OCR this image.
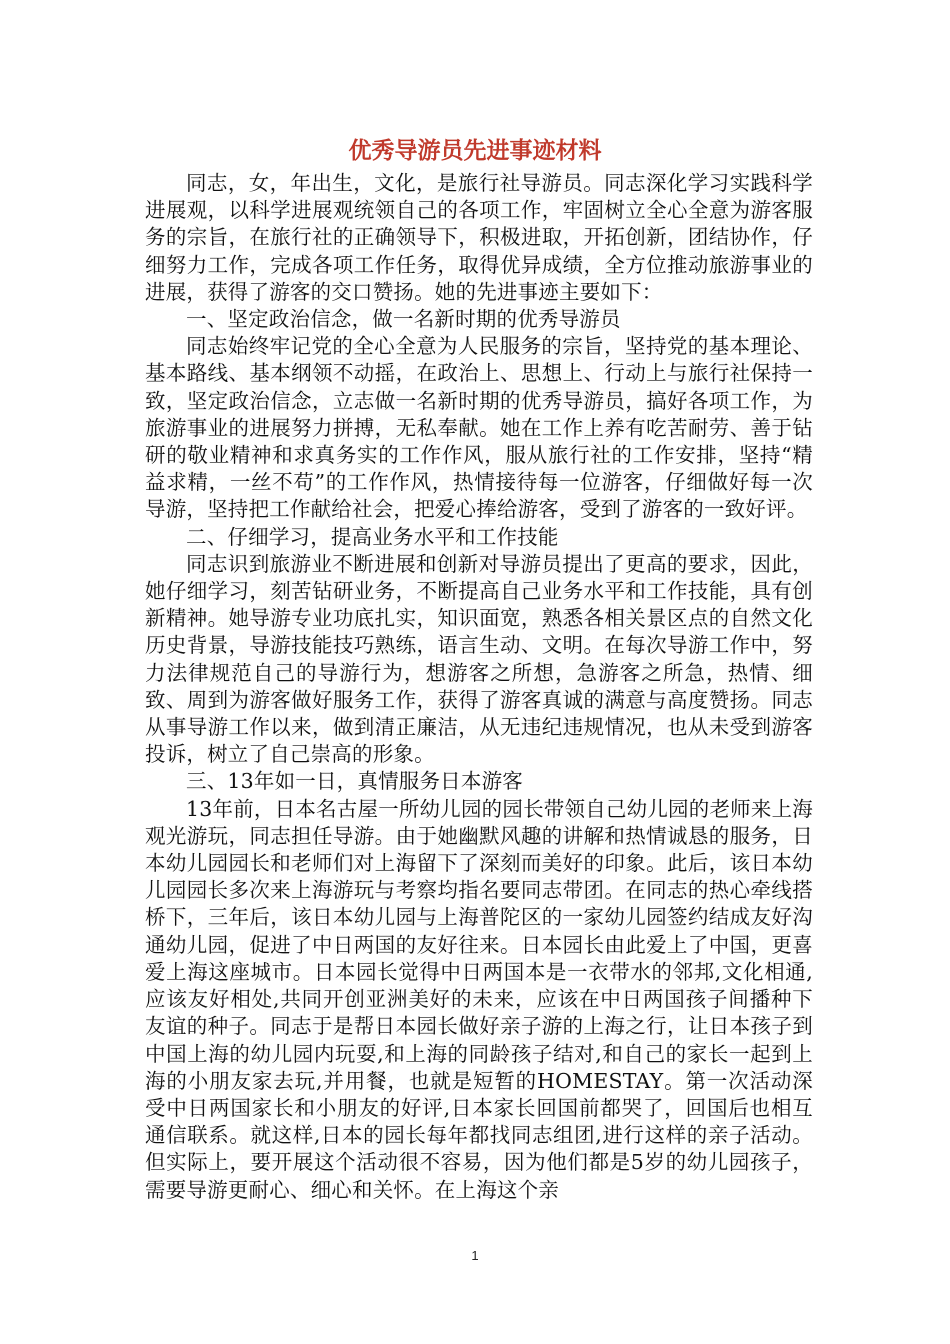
优秀导游员先进事迹材料

同志，女，年出生，文化，是旅行社导游员。同志深化学习实践科学进展观，以科学进展观统领自己的各项工作，牢固树立全心全意为游客服务的宗旨，在旅行社的正确领导下，积极进取，开拓创新，团结协作，仔细努力工作，完成各项工作任务，取得优异成绩，全方位推动旅游事业的进展，获得了游客的交口赞扬。她的先进事迹主要如下：

一、坚定政治信念，做一名新时期的优秀导游员

同志始终牢记党的全心全意为人民服务的宗旨，坚持党的基本理论、基本路线、基本纲领不动摇，在政治上、思想上、行动上与旅行社保持一致，坚定政治信念，立志做一名新时期的优秀导游员，搞好各项工作，为旅游事业的进展努力拼搏，无私奉献。她在工作上养有吃苦耐劳、善于钻研的敬业精神和求真务实的工作作风，服从旅行社的工作安排，坚持“精益求精，一丝不苟”的工作作风，热情接待每一位游客，仔细做好每一次导游，坚持把工作献给社会，把爱心捧给游客，受到了游客的一致好评。

二、仔细学习，提高业务水平和工作技能

同志识到旅游业不断进展和创新对导游员提出了更高的要求，因此，她仔细学习，刻苦钻研业务，不断提高自己业务水平和工作技能，具有创新精神。她导游专业功底扎实，知识面宽，熟悉各相关景区点的自然文化历史背景，导游技能技巧熟练，语言生动、文明。在每次导游工作中，努力法律规范自己的导游行为，想游客之所想，急游客之所急，热情、细致、周到为游客做好服务工作，获得了游客真诚的满意与高度赞扬。同志从事导游工作以来，做到清正廉洁，从无违纪违规情况，也从未受到游客投诉，树立了自己崇高的形象。

三、13年如一日，真情服务日本游客

13年前，日本名古屋一所幼儿园的园长带领自己幼儿园的老师来上海观光游玩，同志担任导游。由于她幽默风趣的讲解和热情诚恳的服务，日本幼儿园园长和老师们对上海留下了深刻而美好的印象。此后，该日本幼儿园园长多次来上海游玩与考察均指名要同志带团。在同志的热心牵线搭桥下，三年后，该日本幼儿园与上海普陀区的一家幼儿园签约结成友好沟通幼儿园，促进了中日两国的友好往来。日本园长由此爱上了中国，更喜爱上海这座城市。日本园长觉得中日两国本是一衣带水的邻邦,文化相通,应该友好相处,共同开创亚洲美好的未来，应该在中日两国孩子间播种下友谊的种子。同志于是帮日本园长做好亲子游的上海之行，让日本孩子到中国上海的幼儿园内玩耍,和上海的同龄孩子结对,和自己的家长一起到上海的小朋友家去玩,并用餐，也就是短暂的HOMESTAY。第一次活动深受中日两国家长和小朋友的好评,日本家长回国前都哭了，回国后也相互通信联系。就这样,日本的园长每年都找同志组团,进行这样的亲子活动。但实际上，要开展这个活动很不容易，因为他们都是5岁的幼儿园孩子，需要导游更耐心、细心和关怀。在上海这个亲

1
